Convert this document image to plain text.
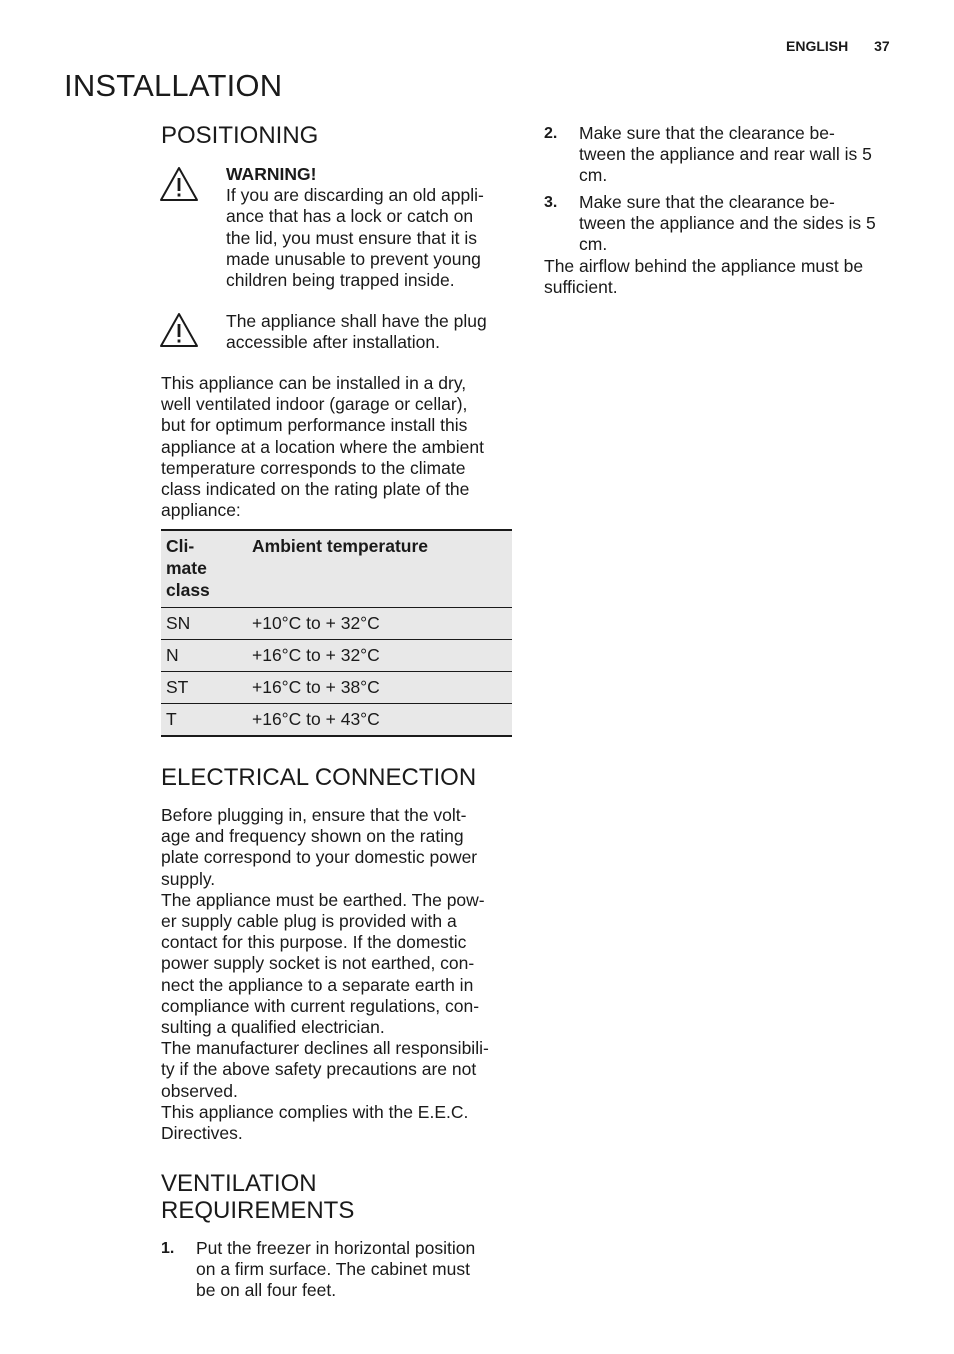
ENGLISH 37
INSTALLATION
POSITIONING
WARNING!
If you are discarding an old appli-
ance that has a lock or catch on
the lid, you must ensure that it is
made unusable to prevent young
children being trapped inside.
The appliance shall have the plug
accessible after installation.
This appliance can be installed in a dry,
well ventilated indoor (garage or cellar),
but for optimum performance install this
appliance at a location where the ambient
temperature corresponds to the climate
class indicated on the rating plate of the
appliance:
Cli-
mate
class	Ambient temperature
SN	+10°C to + 32°C
N	+16°C to + 32°C
ST	+16°C to + 38°C
T	+16°C to + 43°C
ELECTRICAL CONNECTION
Before plugging in, ensure that the volt-
age and frequency shown on the rating
plate correspond to your domestic power
supply.
The appliance must be earthed. The pow-
er supply cable plug is provided with a
contact for this purpose. If the domestic
power supply socket is not earthed, con-
nect the appliance to a separate earth in
compliance with current regulations, con-
sulting a qualified electrician.
The manufacturer declines all responsibili-
ty if the above safety precautions are not
observed.
This appliance complies with the E.E.C.
Directives.
VENTILATION
REQUIREMENTS
1. Put the freezer in horizontal position
on a firm surface. The cabinet must
be on all four feet.
2. Make sure that the clearance be-
tween the appliance and rear wall is 5
cm.
3. Make sure that the clearance be-
tween the appliance and the sides is 5
cm.
The airflow behind the appliance must be
sufficient.
